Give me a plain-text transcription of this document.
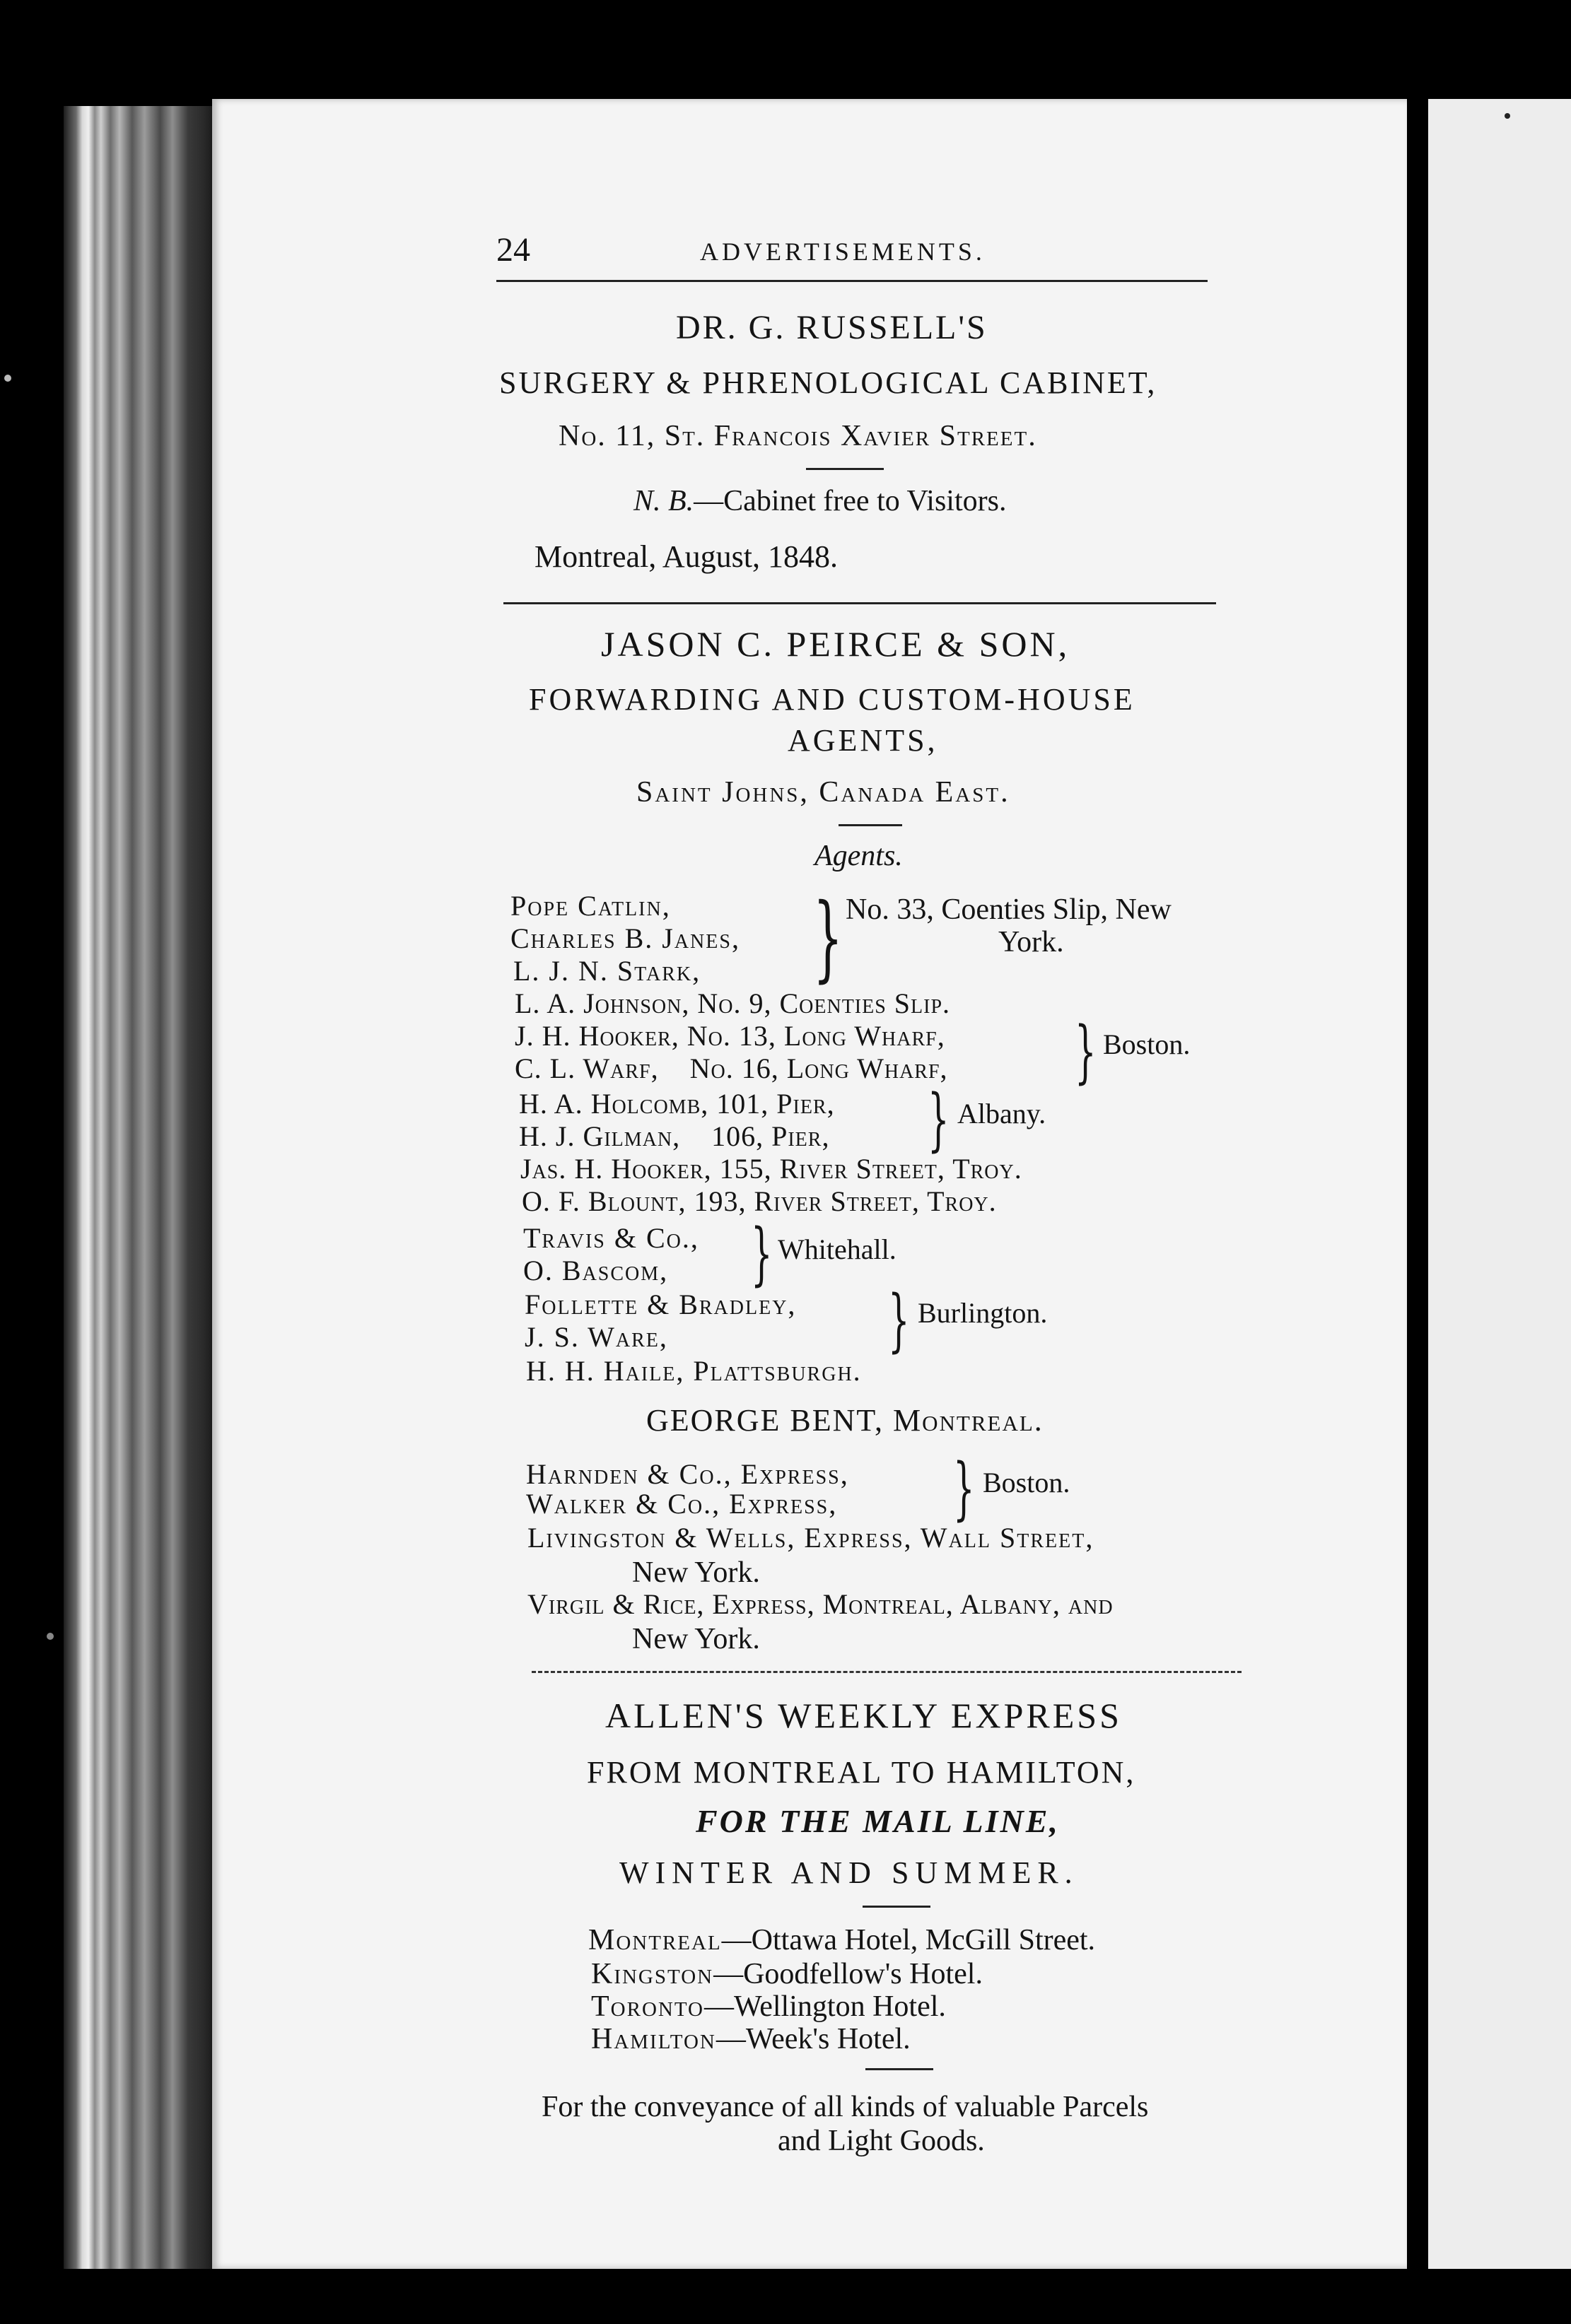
24	ADVERTISEMENTS.
DR. G. RUSSELL'S
SURGERY & PHRENOLOGICAL CABINET,
No. 11, St. Francois Xavier Street.
N. B.—Cabinet free to Visitors.
Montreal, August, 1848.
JASON C. PEIRCE & SON,
FORWARDING AND CUSTOM-HOUSE
AGENTS,
Saint Johns, Canada East.
Agents.
Pope Catlin,
Charles B. Janes,
L. J. N. Stark, } No. 33, Coenties Slip, New
York.
L. A. Johnson, No. 9, Coenties Slip.
J. H. Hooker, No. 13, Long Wharf,
C. L. Warf,    No. 16, Long Wharf, } Boston.
H. A. Holcomb, 101, Pier,
H. J. Gilman,    106, Pier, } Albany.
Jas. H. Hooker, 155, River Street, Troy.
O. F. Blount, 193, River Street, Troy.
Travis & Co.,
O. Bascom, } Whitehall.
Follette & Bradley,
J. S. Ware,	} Burlington.
H. H. Haile, Plattsburgh.
GEORGE BENT, Montreal.
Harnden & Co., Express,
Walker & Co., Express, } Boston.
Livingston & Wells, Express, Wall Street,
New York.
Virgil & Rice, Express, Montreal, Albany, and
New York.
ALLEN'S WEEKLY EXPRESS
FROM MONTREAL TO HAMILTON,
FOR THE MAIL LINE,
WINTER AND SUMMER.
Montreal—Ottawa Hotel, McGill Street.
Kingston—Goodfellow's Hotel.
Toronto—Wellington Hotel.
Hamilton—Week's Hotel.
For the conveyance of all kinds of valuable Parcels
and Light Goods.
